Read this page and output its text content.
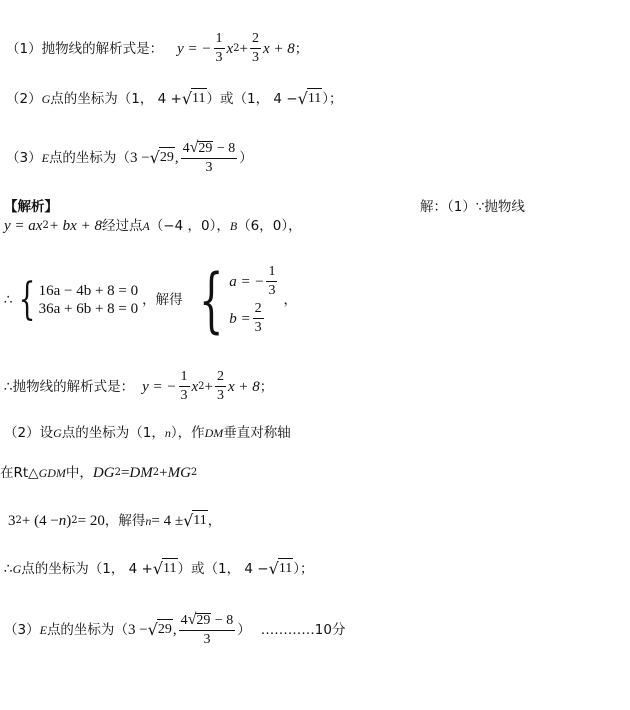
（1）抛物线的解析式是： y = − $\frac{1}{3}$ x $2 + \frac{2}{3}$ x + 8 ；
（2） G 点的坐标为（1， 4 + √ 11 ）或（1， 4 − √ 11 ）；
（3） E 点的坐标为（ 3 − √ 29 , $\frac{4 √ 29 - 8}{3}$ ）
【解析】	解：（1）∵抛物线
y = ax 2 + bx + 8 经过点 A （−4 ，0）， B （6，0），
∴ { 16a − 4b + 8 = 0
36a + 6b + 8 = 0
，解得 { a = − $\frac{1}{3}$
$b = \frac{2}{3}$
，
∴抛物线的解析式是： y = − $\frac{1}{3}$ x $2 + \frac{2}{3}$ x + 8 ；
（2）设 G 点的坐标为（1， n ），作 DM 垂直对称轴
在Rt△ GDM 中， DG 2 = DM 2 + MG 2
3 2 + (4 − n ) 2 = 20 ，解得 n = 4 ± √ 11 ，
∴ G 点的坐标为（1， 4 + √ 11 ）或（1， 4 − √ 11 ）；
（3） E 点的坐标为（ 3 − √ 29 , $\frac{4 √ 29 - 8}{3}$ ） …………10分
